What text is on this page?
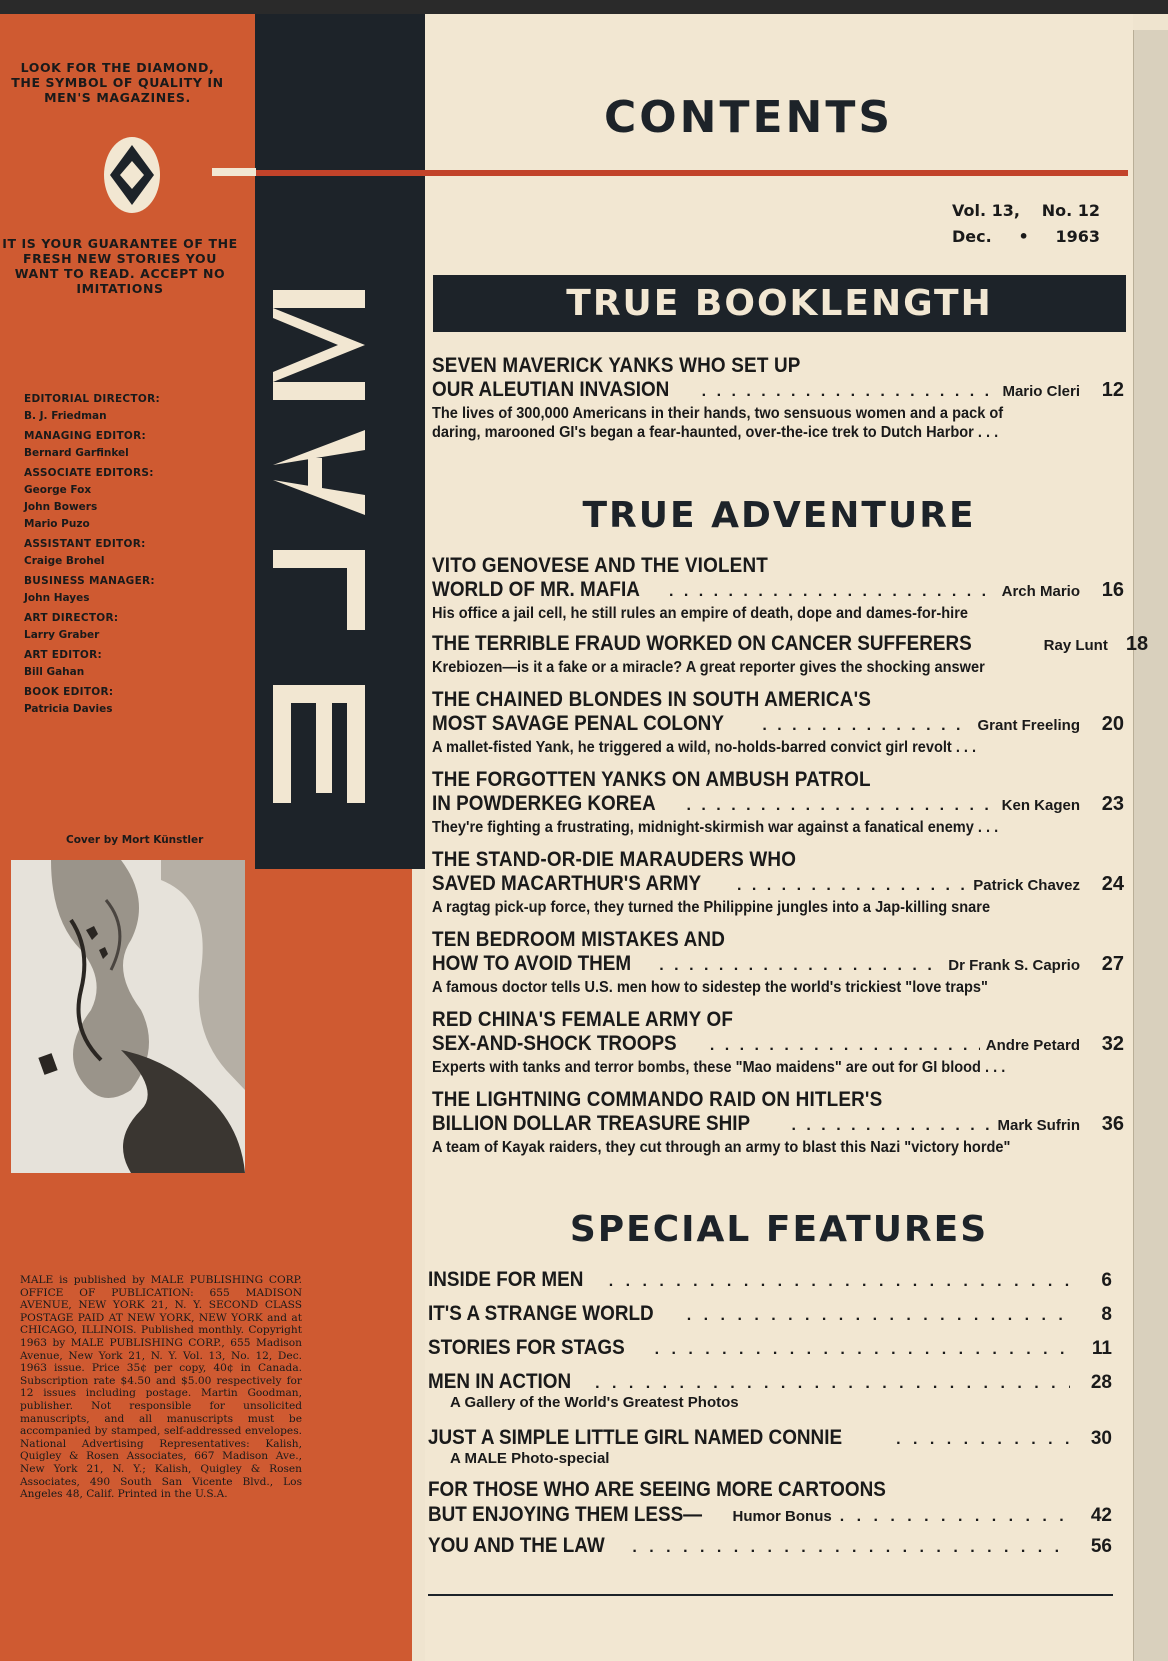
LOOK FOR THE DIAMOND, THE SYMBOL OF QUALITY IN MEN'S MAGAZINES.
IT IS YOUR GUARANTEE OF THE FRESH NEW STORIES YOU WANT TO READ. ACCEPT NO IMITATIONS
EDITORIAL DIRECTOR:
B. J. Friedman
MANAGING EDITOR:
Bernard Garfinkel
ASSOCIATE EDITORS:
George Fox
John Bowers
Mario Puzo
ASSISTANT EDITOR:
Craige Brohel
BUSINESS MANAGER:
John Hayes
ART DIRECTOR:
Larry Graber
ART EDITOR:
Bill Gahan
BOOK EDITOR:
Patricia Davies
Cover by Mort Künstler
MALE is published by MALE PUBLISHING CORP. OFFICE OF PUBLICATION: 655 MADISON AVENUE, NEW YORK 21, N. Y. SECOND CLASS POSTAGE PAID AT NEW YORK, NEW YORK and at CHICAGO, ILLINOIS. Published monthly. Copyright 1963 by MALE PUBLISHING CORP., 655 Madison Avenue, New York 21, N. Y. Vol. 13, No. 12, Dec. 1963 issue. Price 35¢ per copy, 40¢ in Canada. Subscription rate $4.50 and $5.00 respectively for 12 issues including postage. Martin Goodman, publisher. Not responsible for unsolicited manuscripts, and all manuscripts must be accompanied by stamped, self-addressed envelopes. National Advertising Representatives: Kalish, Quigley & Rosen Associates, 667 Madison Ave., New York 21, N. Y.; Kalish, Quigley & Rosen Associates, 490 South San Vicente Blvd., Los Angeles 48, Calif. Printed in the U.S.A.
CONTENTS
Vol. 13, No. 12
Dec. • 1963
TRUE BOOKLENGTH
SEVEN MAVERICK YANKS WHO SET UP
OUR ALEUTIAN INVASION . . .	Mario Cleri 12
The lives of 300,000 Americans in their hands, two sensuous women and a pack of
daring, marooned GI's began a fear-haunted, over-the-ice trek to Dutch Harbor . . .
TRUE ADVENTURE
VITO GENOVESE AND THE VIOLENT
WORLD OF MR. MAFIA . . .	Arch Mario 16
His office a jail cell, he still rules an empire of death, dope and dames-for-hire
THE TERRIBLE FRAUD WORKED ON CANCER SUFFERERS	Ray Lunt 18
Krebiozen—is it a fake or a miracle? A great reporter gives the shocking answer
THE CHAINED BLONDES IN SOUTH AMERICA'S
MOST SAVAGE PENAL COLONY . . .	Grant Freeling 20
A mallet-fisted Yank, he triggered a wild, no-holds-barred convict girl revolt . . .
THE FORGOTTEN YANKS ON AMBUSH PATROL
IN POWDERKEG KOREA . . .	Ken Kagen 23
They're fighting a frustrating, midnight-skirmish war against a fanatical enemy . . .
THE STAND-OR-DIE MARAUDERS WHO
SAVED MACARTHUR'S ARMY . . .	Patrick Chavez 24
A ragtag pick-up force, they turned the Philippine jungles into a Jap-killing snare
TEN BEDROOM MISTAKES AND
HOW TO AVOID THEM . . .	Dr Frank S. Caprio 27
A famous doctor tells U.S. men how to sidestep the world's trickiest "love traps"
RED CHINA'S FEMALE ARMY OF
SEX-AND-SHOCK TROOPS . . .	Andre Petard 32
Experts with tanks and terror bombs, these "Mao maidens" are out for GI blood . . .
THE LIGHTNING COMMANDO RAID ON HITLER'S
BILLION DOLLAR TREASURE SHIP . . .	Mark Sufrin 36
A team of Kayak raiders, they cut through an army to blast this Nazi "victory horde"
SPECIAL FEATURES
INSIDE FOR MEN . . .	6
IT'S A STRANGE WORLD . . .	8
STORIES FOR STAGS . . .	11
MEN IN ACTION . . .	28
A Gallery of the World's Greatest Photos
JUST A SIMPLE LITTLE GIRL NAMED CONNIE . . .	30
A MALE Photo-special
FOR THOSE WHO ARE SEEING MORE CARTOONS
BUT ENJOYING THEM LESS— Humor Bonus . . .	42
YOU AND THE LAW . . .	56
